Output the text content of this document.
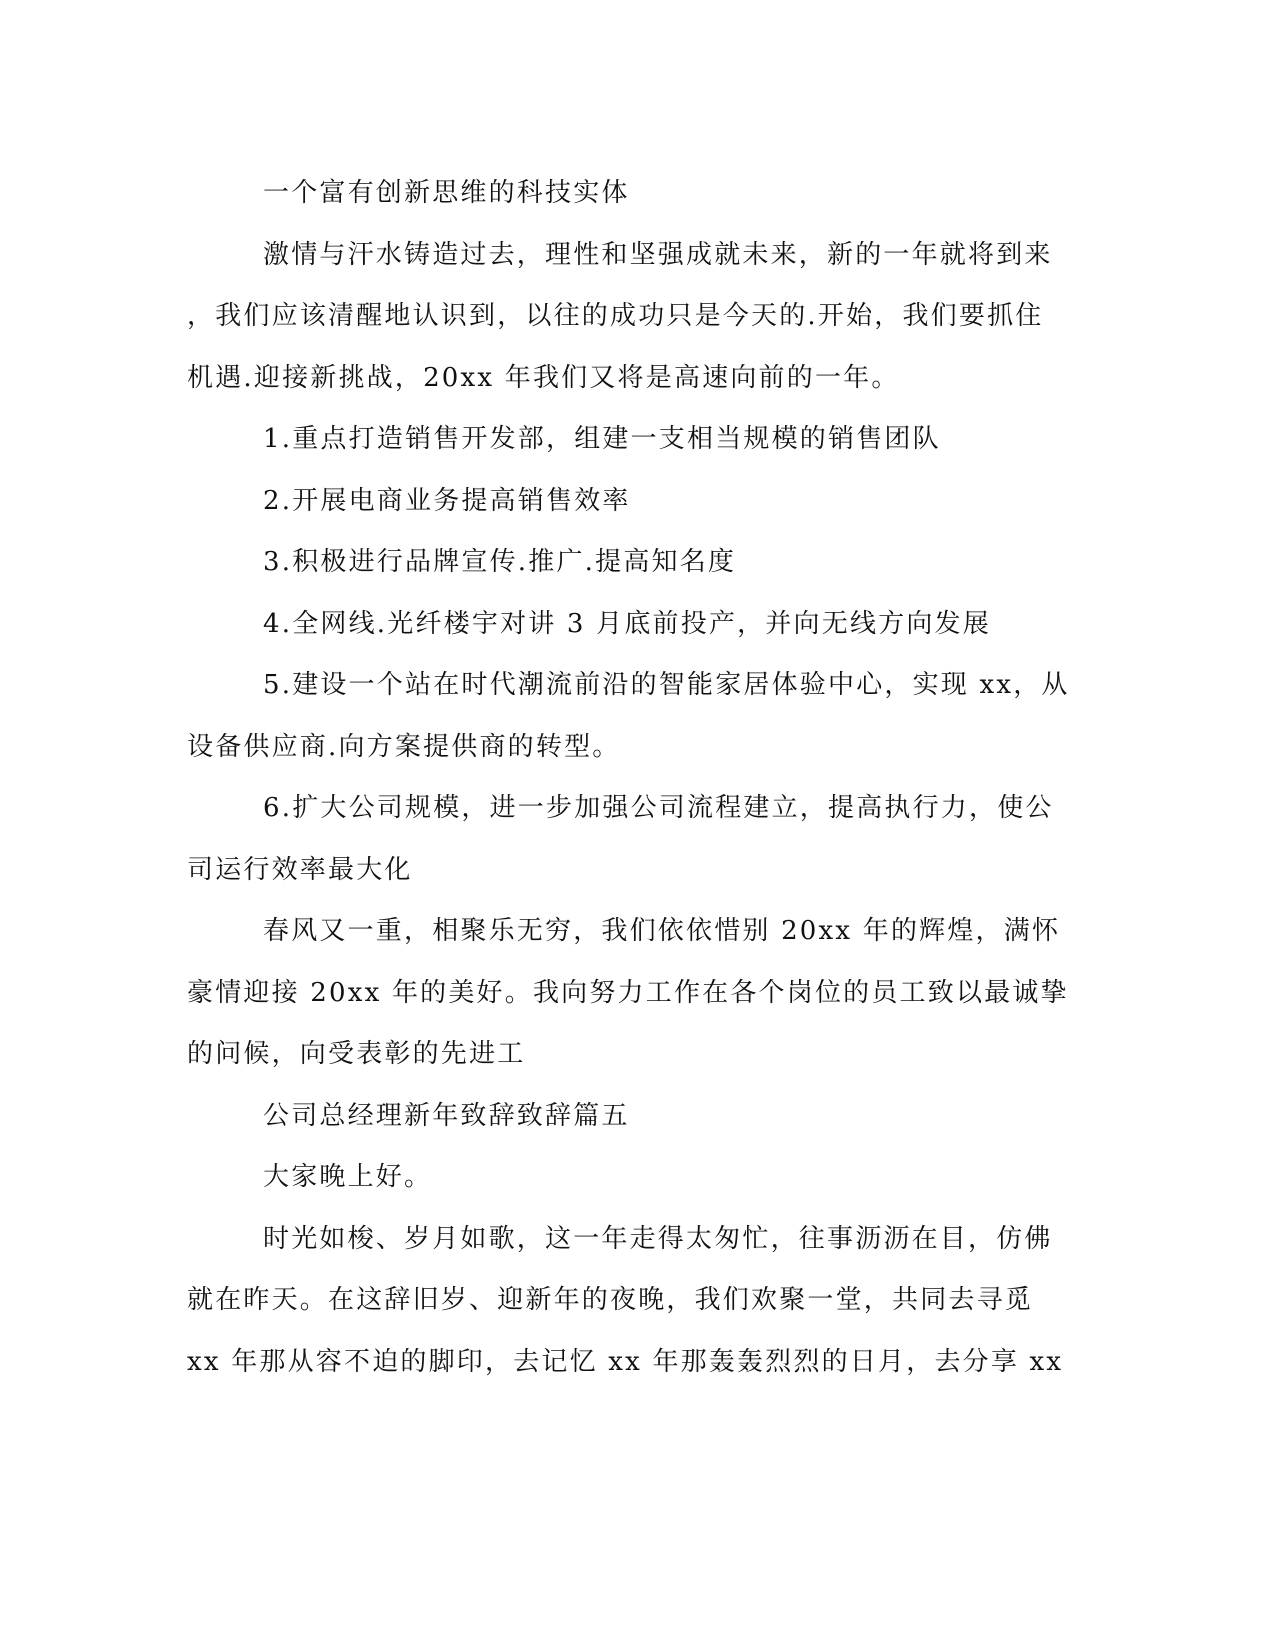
一个富有创新思维的科技实体
激情与汗水铸造过去，理性和坚强成就未来，新的一年就将到来
，我们应该清醒地认识到，以往的成功只是今天的.开始，我们要抓住
机遇.迎接新挑战，20xx 年我们又将是高速向前的一年。
1.重点打造销售开发部，组建一支相当规模的销售团队
2.开展电商业务提高销售效率
3.积极进行品牌宣传.推广.提高知名度
4.全网线.光纤楼宇对讲 3 月底前投产，并向无线方向发展
5.建设一个站在时代潮流前沿的智能家居体验中心，实现 xx，从
设备供应商.向方案提供商的转型。
6.扩大公司规模，进一步加强公司流程建立，提高执行力，使公
司运行效率最大化
春风又一重，相聚乐无穷，我们依依惜别 20xx 年的辉煌，满怀
豪情迎接 20xx 年的美好。我向努力工作在各个岗位的员工致以最诚挚
的问候，向受表彰的先进工
公司总经理新年致辞致辞篇五
大家晚上好。
时光如梭、岁月如歌，这一年走得太匆忙，往事沥沥在目，仿佛
就在昨天。在这辞旧岁、迎新年的夜晚，我们欢聚一堂，共同去寻觅
xx 年那从容不迫的脚印，去记忆 xx 年那轰轰烈烈的日月，去分享 xx
